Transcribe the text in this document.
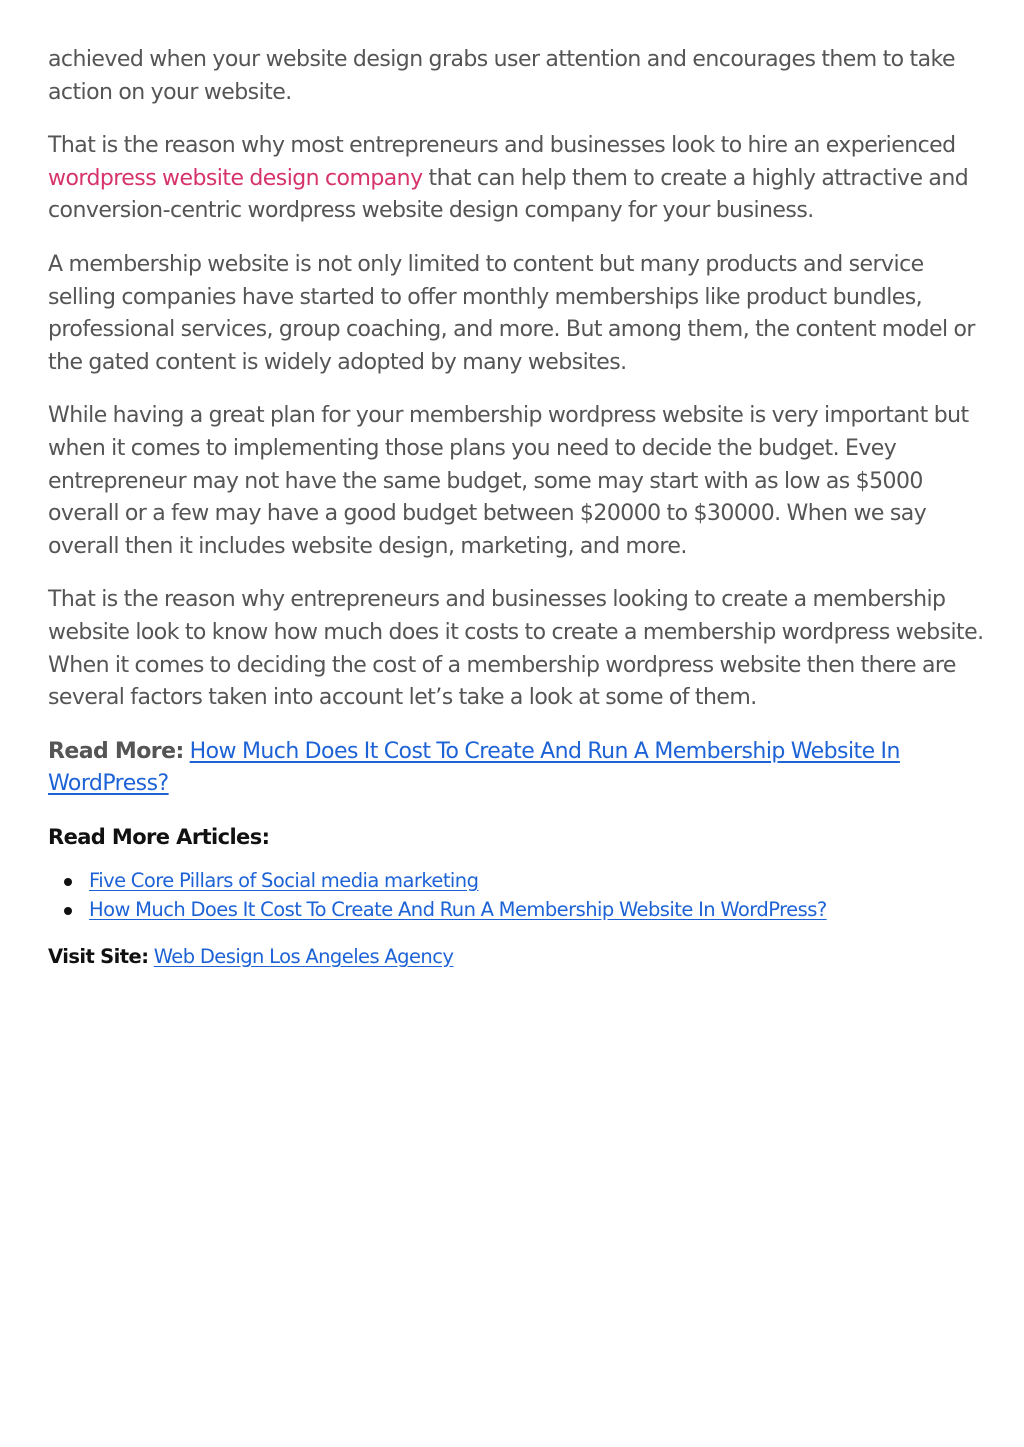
achieved when your website design grabs user attention and encourages them to take action on your website.

That is the reason why most entrepreneurs and businesses look to hire an experienced wordpress website design company that can help them to create a highly attractive and conversion-centric wordpress website design company for your business.

A membership website is not only limited to content but many products and service selling companies have started to offer monthly memberships like product bundles, professional services, group coaching, and more. But among them, the content model or the gated content is widely adopted by many websites.

While having a great plan for your membership wordpress website is very important but when it comes to implementing those plans you need to decide the budget. Evey entrepreneur may not have the same budget, some may start with as low as $5000 overall or a few may have a good budget between $20000 to $30000. When we say overall then it includes website design, marketing, and more.

That is the reason why entrepreneurs and businesses looking to create a membership website look to know how much does it costs to create a membership wordpress website. When it comes to deciding the cost of a membership wordpress website then there are several factors taken into account let’s take a look at some of them.

Read More: How Much Does It Cost To Create And Run A Membership Website In WordPress?

Read More Articles:
Five Core Pillars of Social media marketing
How Much Does It Cost To Create And Run A Membership Website In WordPress?

Visit Site: Web Design Los Angeles Agency
